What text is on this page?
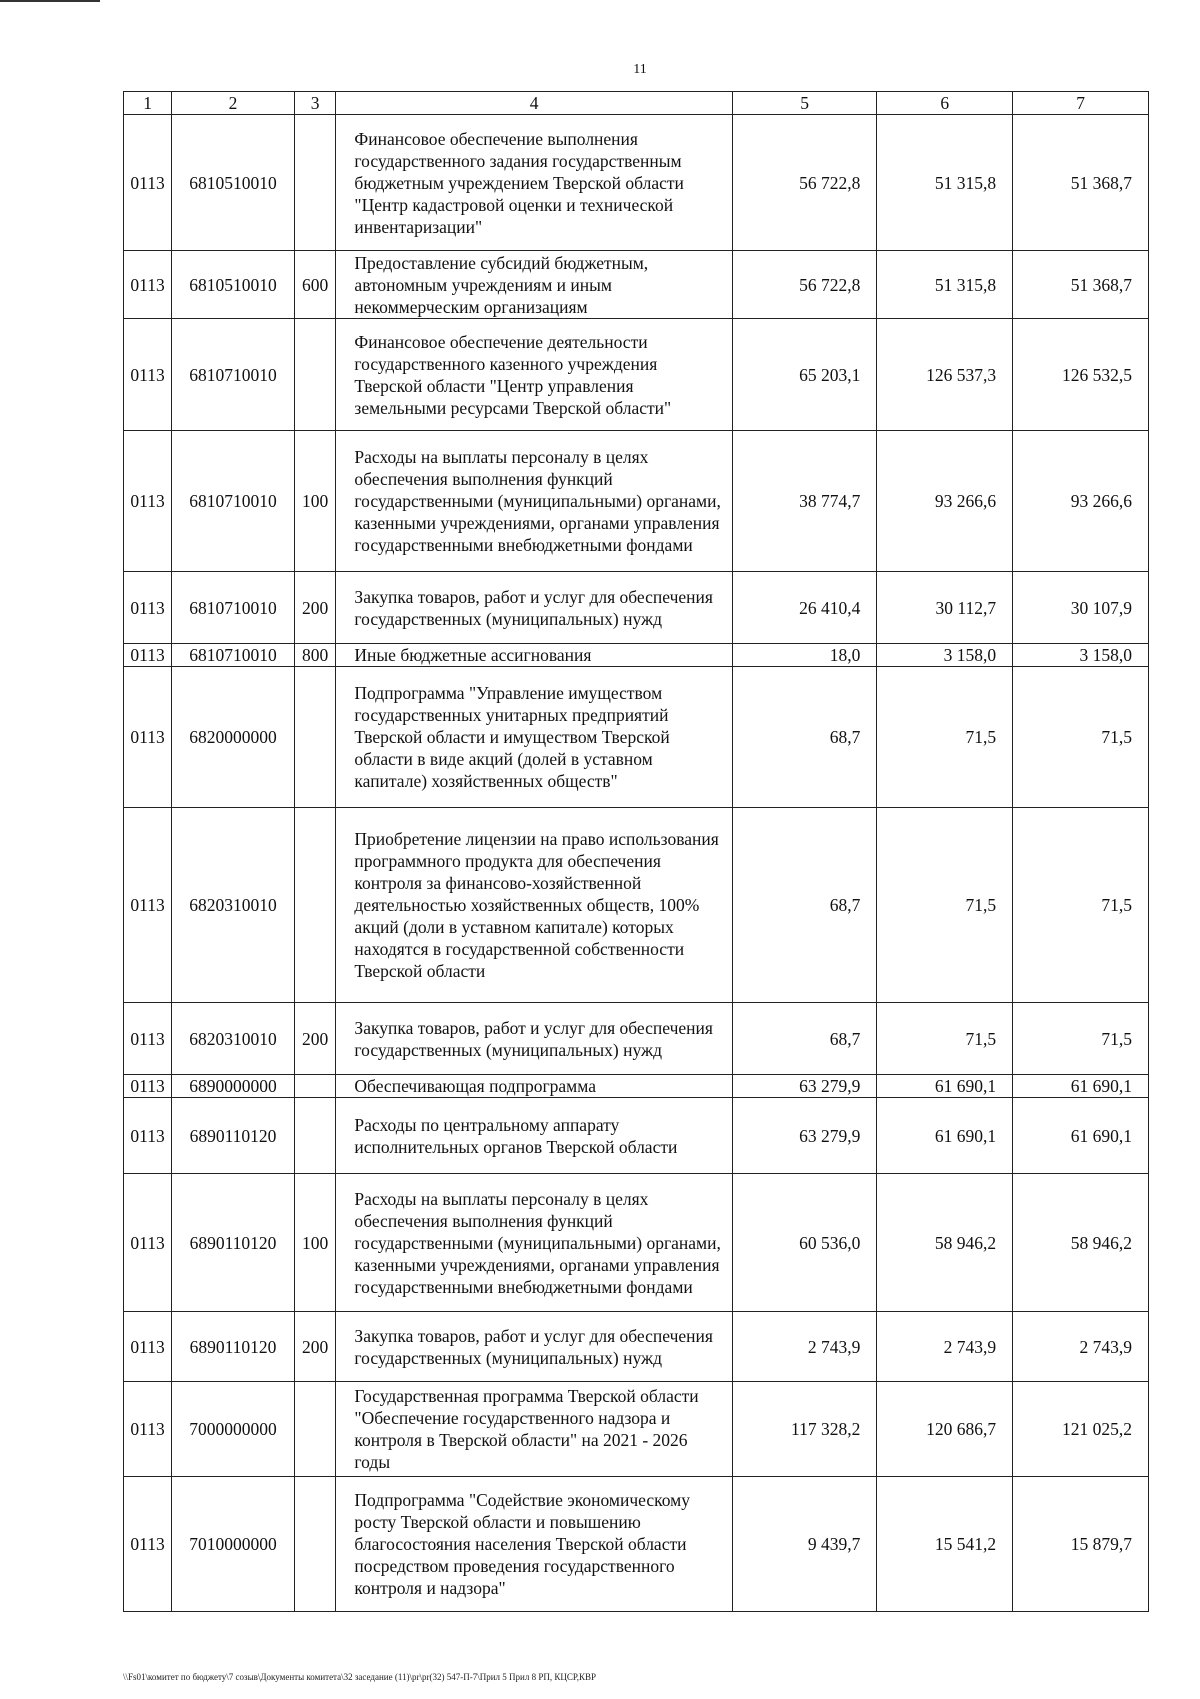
11
1	2	3	4	5	6	7
0113	6810510010		Финансовое обеспечение выполнения государственного задания государственным бюджетным учреждением Тверской области "Центр кадастровой оценки и технической инвентаризации"	56 722,8	51 315,8	51 368,7
0113	6810510010	600	Предоставление субсидий бюджетным, автономным учреждениям и иным некоммерческим организациям	56 722,8	51 315,8	51 368,7
0113	6810710010		Финансовое обеспечение деятельности государственного казенного учреждения Тверской области "Центр управления земельными ресурсами Тверской области"	65 203,1	126 537,3	126 532,5
0113	6810710010	100	Расходы на выплаты персоналу в целях обеспечения выполнения функций государственными (муниципальными) органами, казенными учреждениями, органами управления государственными внебюджетными фондами	38 774,7	93 266,6	93 266,6
0113	6810710010	200	Закупка товаров, работ и услуг для обеспечения государственных (муниципальных) нужд	26 410,4	30 112,7	30 107,9
0113	6810710010	800	Иные бюджетные ассигнования	18,0	3 158,0	3 158,0
0113	6820000000		Подпрограмма "Управление имуществом государственных унитарных предприятий Тверской области и имуществом Тверской области в виде акций (долей в уставном капитале) хозяйственных обществ"	68,7	71,5	71,5
0113	6820310010		Приобретение лицензии на право использования программного продукта для обеспечения контроля за финансово-хозяйственной деятельностью хозяйственных обществ, 100% акций (доли в уставном капитале) которых находятся в государственной собственности Тверской области	68,7	71,5	71,5
0113	6820310010	200	Закупка товаров, работ и услуг для обеспечения государственных (муниципальных) нужд	68,7	71,5	71,5
0113	6890000000		Обеспечивающая подпрограмма	63 279,9	61 690,1	61 690,1
0113	6890110120		Расходы по центральному аппарату исполнительных органов Тверской области	63 279,9	61 690,1	61 690,1
0113	6890110120	100	Расходы на выплаты персоналу в целях обеспечения выполнения функций государственными (муниципальными) органами, казенными учреждениями, органами управления государственными внебюджетными фондами	60 536,0	58 946,2	58 946,2
0113	6890110120	200	Закупка товаров, работ и услуг для обеспечения государственных (муниципальных) нужд	2 743,9	2 743,9	2 743,9
0113	7000000000		Государственная программа Тверской области "Обеспечение государственного надзора и контроля в Тверской области" на 2021 - 2026 годы	117 328,2	120 686,7	121 025,2
0113	7010000000		Подпрограмма "Содействие экономическому росту Тверской области и повышению благосостояния населения Тверской области посредством проведения государственного контроля и надзора"	9 439,7	15 541,2	15 879,7
\\Fs01\комитет по бюджету\7 созыв\Документы комитета\32 заседание (11)\pr\pr(32) 547-П-7\Прил 5 Прил 8 РП, КЦСР,КВР
